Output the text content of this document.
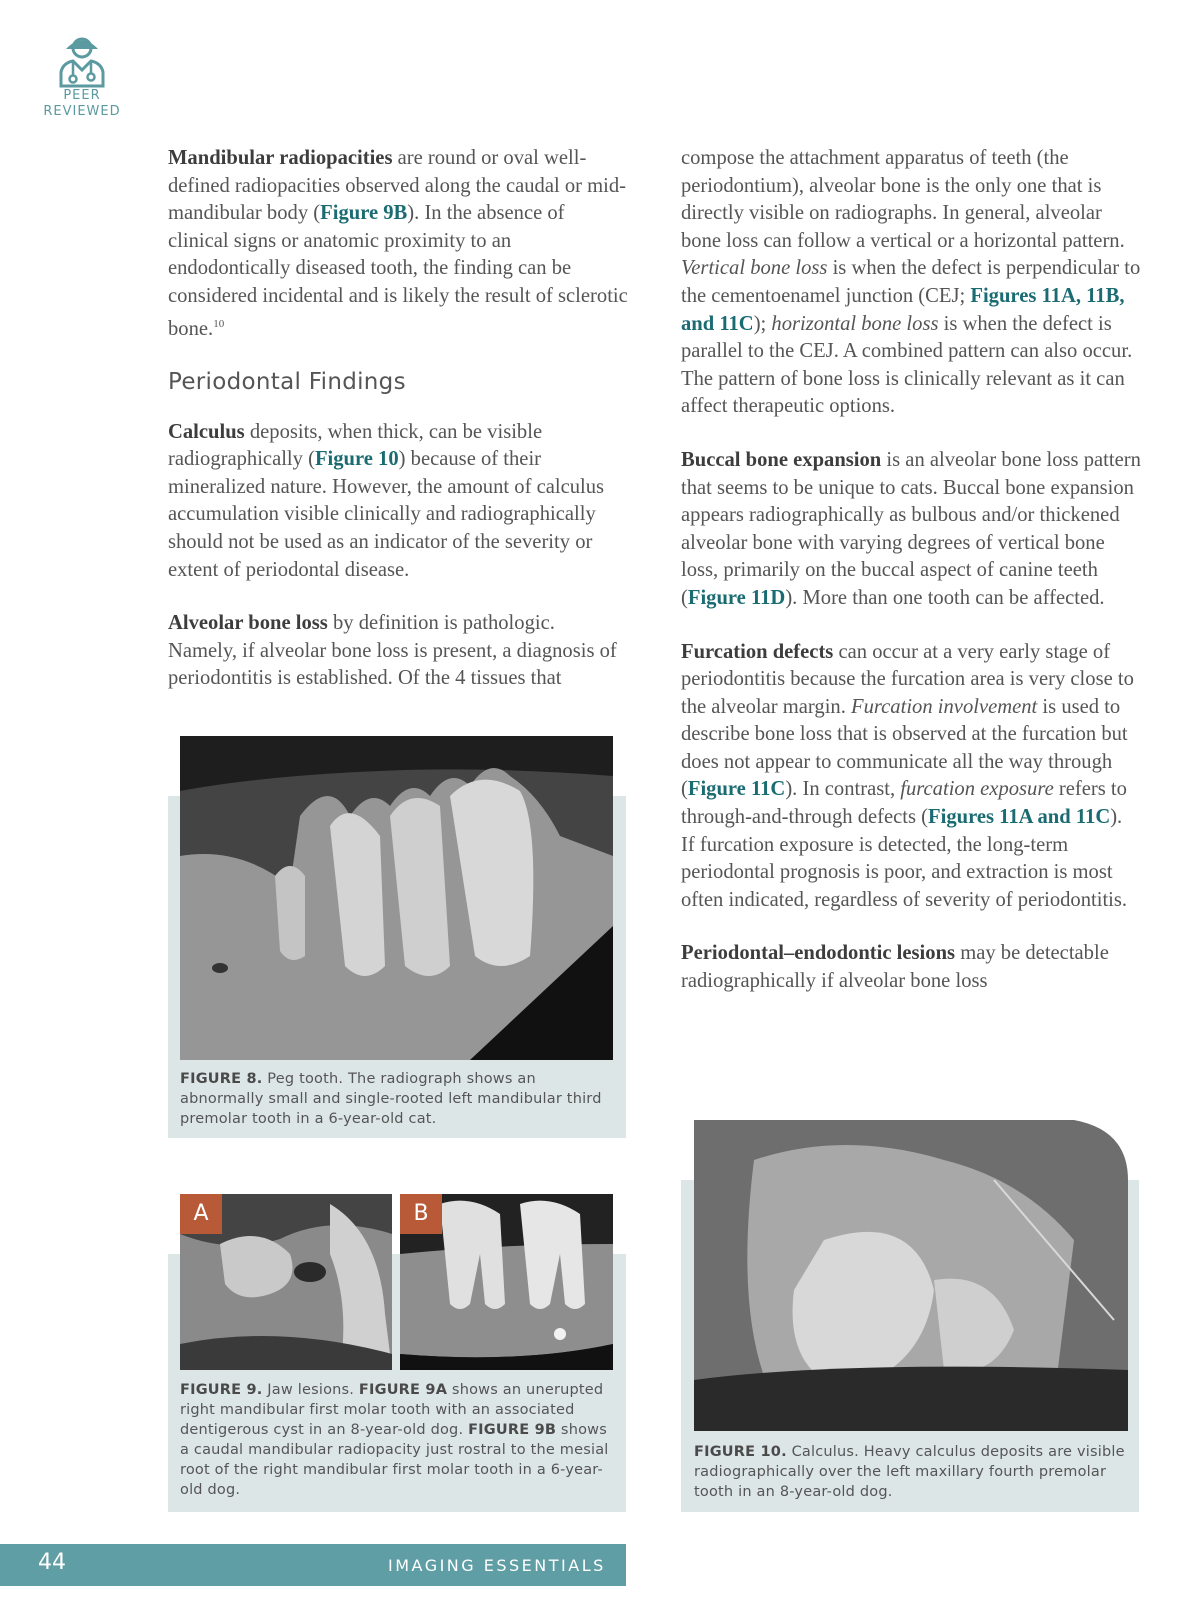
PEER
REVIEWED

Mandibular radiopacities are round or oval well-defined radiopacities observed along the caudal or mid-mandibular body (Figure 9B). In the absence of clinical signs or anatomic proximity to an endodontically diseased tooth, the finding can be considered incidental and is likely the result of sclerotic bone.$^{10}$

Periodontal Findings

Calculus deposits, when thick, can be visible radiographically (Figure 10) because of their mineralized nature. However, the amount of calculus accumulation visible clinically and radiographically should not be used as an indicator of the severity or extent of periodontal disease.

Alveolar bone loss by definition is pathologic. Namely, if alveolar bone loss is present, a diagnosis of periodontitis is established. Of the 4 tissues that

compose the attachment apparatus of teeth (the periodontium), alveolar bone is the only one that is directly visible on radiographs. In general, alveolar bone loss can follow a vertical or a horizontal pattern. Vertical bone loss is when the defect is perpendicular to the cementoenamel junction (CEJ; Figures 11A, 11B, and 11C); horizontal bone loss is when the defect is parallel to the CEJ. A combined pattern can also occur. The pattern of bone loss is clinically relevant as it can affect therapeutic options.

Buccal bone expansion is an alveolar bone loss pattern that seems to be unique to cats. Buccal bone expansion appears radiographically as bulbous and/or thickened alveolar bone with varying degrees of vertical bone loss, primarily on the buccal aspect of canine teeth (Figure 11D). More than one tooth can be affected.

Furcation defects can occur at a very early stage of periodontitis because the furcation area is very close to the alveolar margin. Furcation involvement is used to describe bone loss that is observed at the furcation but does not appear to communicate all the way through (Figure 11C). In contrast, furcation exposure refers to through-and-through defects (Figures 11A and 11C). If furcation exposure is detected, the long-term periodontal prognosis is poor, and extraction is most often indicated, regardless of severity of periodontitis.

Periodontal–endodontic lesions may be detectable radiographically if alveolar bone loss

FIGURE 8. Peg tooth. The radiograph shows an abnormally small and single-rooted left mandibular third premolar tooth in a 6-year-old cat.
A	B
FIGURE 9. Jaw lesions. FIGURE 9A shows an unerupted right mandibular first molar tooth with an associated dentigerous cyst in an 8-year-old dog. FIGURE 9B shows a caudal mandibular radiopacity just rostral to the mesial root of the right mandibular first molar tooth in a 6-year-old dog.
FIGURE 10. Calculus. Heavy calculus deposits are visible radiographically over the left maxillary fourth premolar tooth in an 8-year-old dog.
44	IMAGING ESSENTIALS
